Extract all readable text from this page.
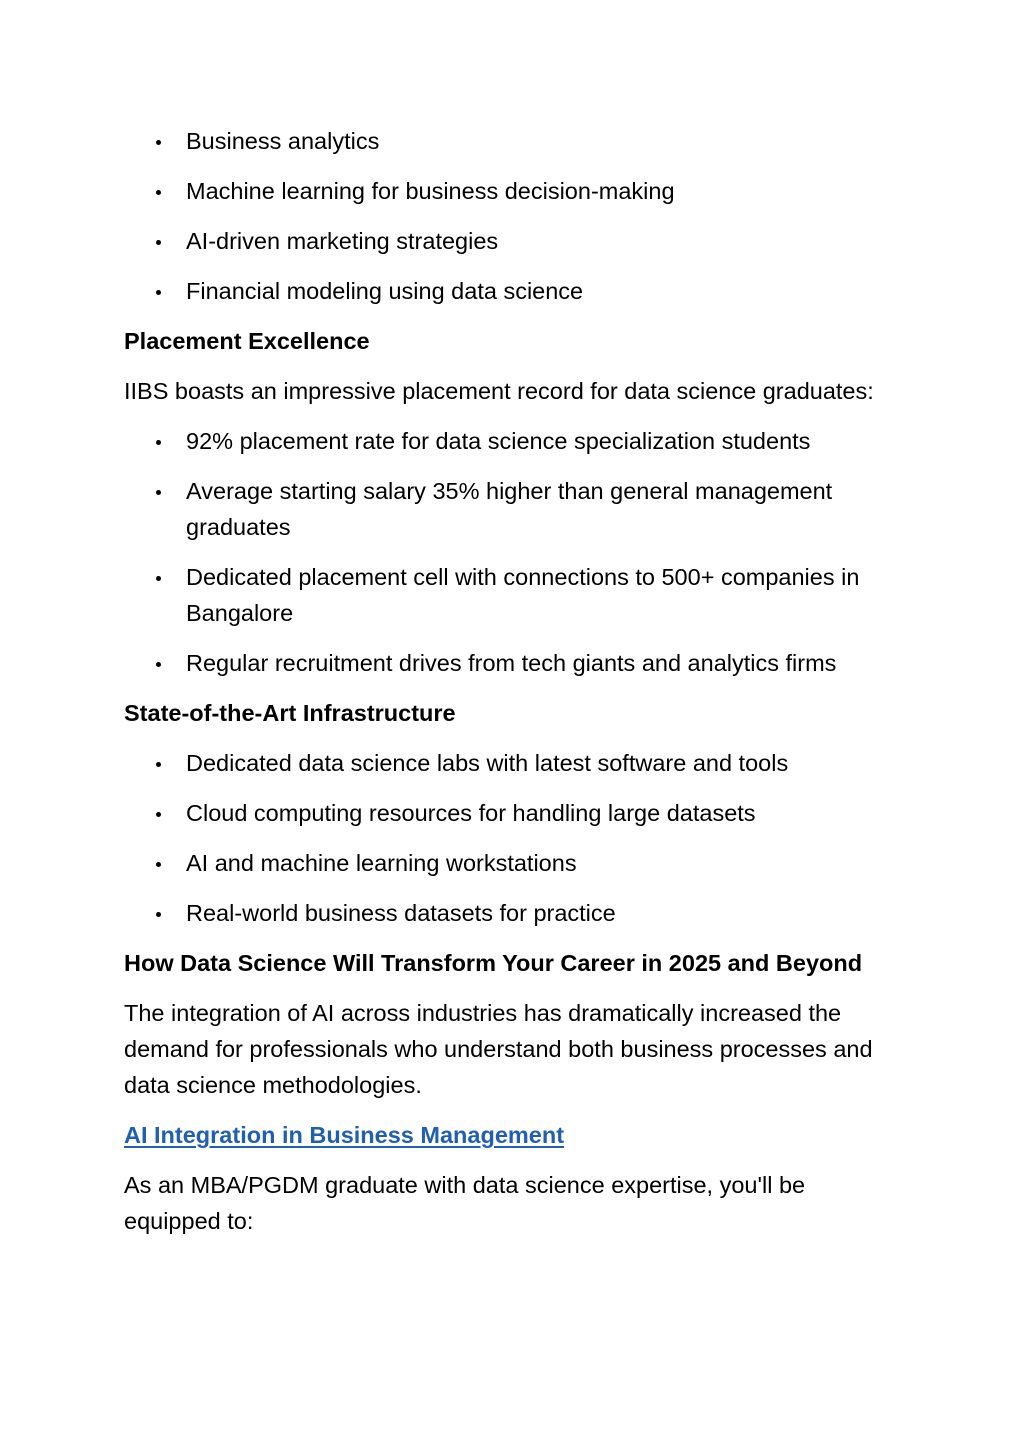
Business analytics
Machine learning for business decision-making
AI-driven marketing strategies
Financial modeling using data science
Placement Excellence

IIBS boasts an impressive placement record for data science graduates:

92% placement rate for data science specialization students
Average starting salary 35% higher than general management graduates
Dedicated placement cell with connections to 500+ companies in Bangalore
Regular recruitment drives from tech giants and analytics firms
State-of-the-Art Infrastructure
Dedicated data science labs with latest software and tools
Cloud computing resources for handling large datasets
AI and machine learning workstations
Real-world business datasets for practice
How Data Science Will Transform Your Career in 2025 and Beyond

The integration of AI across industries has dramatically increased the demand for professionals who understand both business processes and data science methodologies.

AI Integration in Business Management

As an MBA/PGDM graduate with data science expertise, you'll be equipped to:
